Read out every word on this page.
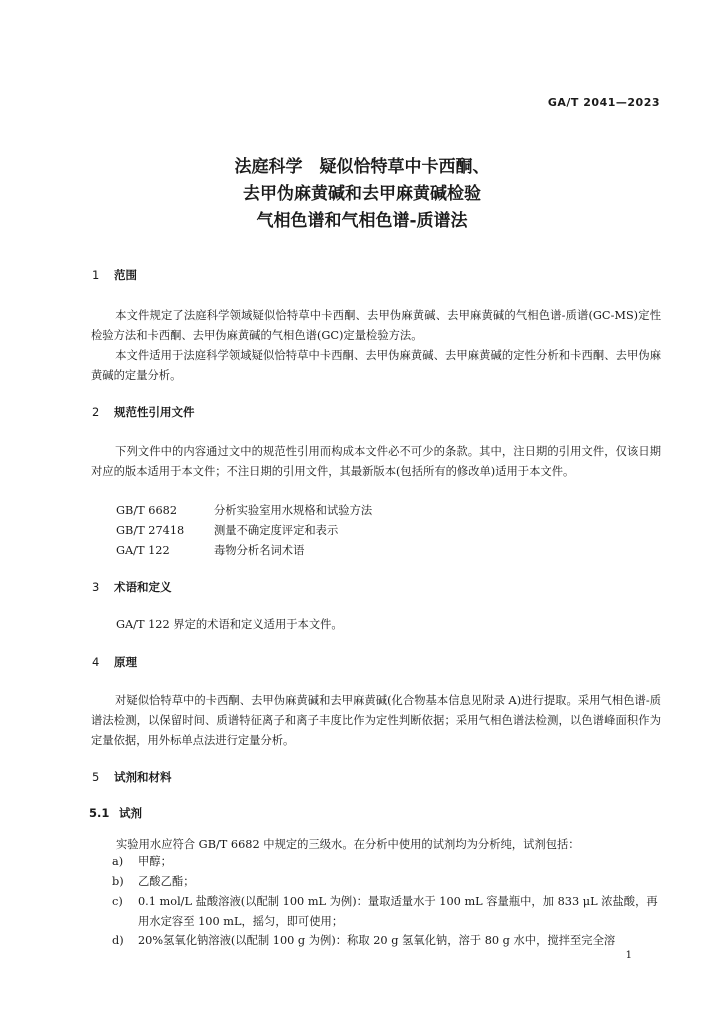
GA/T 2041—2023
法庭科学　疑似恰特草中卡西酮、
去甲伪麻黄碱和去甲麻黄碱检验
气相色谱和气相色谱-质谱法
1 范围
本文件规定了法庭科学领域疑似恰特草中卡西酮、去甲伪麻黄碱、去甲麻黄碱的气相色谱-质谱(GC-MS)定性检验方法和卡西酮、去甲伪麻黄碱的气相色谱(GC)定量检验方法。
本文件适用于法庭科学领域疑似恰特草中卡西酮、去甲伪麻黄碱、去甲麻黄碱的定性分析和卡西酮、去甲伪麻黄碱的定量分析。
2 规范性引用文件
下列文件中的内容通过文中的规范性引用而构成本文件必不可少的条款。其中，注日期的引用文件，仅该日期对应的版本适用于本文件；不注日期的引用文件，其最新版本(包括所有的修改单)适用于本文件。
GB/T 6682	分析实验室用水规格和试验方法
GB/T 27418	测量不确定度评定和表示
GA/T 122	毒物分析名词术语
3 术语和定义
GA/T 122 界定的术语和定义适用于本文件。
4 原理
对疑似恰特草中的卡西酮、去甲伪麻黄碱和去甲麻黄碱(化合物基本信息见附录 A)进行提取。采用气相色谱-质谱法检测，以保留时间、质谱特征离子和离子丰度比作为定性判断依据；采用气相色谱法检测，以色谱峰面积作为定量依据，用外标单点法进行定量分析。
5 试剂和材料
5.1 试剂
实验用水应符合 GB/T 6682 中规定的三级水。在分析中使用的试剂均为分析纯，试剂包括：
a)	甲醇；
b)	乙酸乙酯；
c)	0.1 mol/L 盐酸溶液(以配制 100 mL 为例)：量取适量水于 100 mL 容量瓶中，加 833 μL 浓盐酸，再用水定容至 100 mL，摇匀，即可使用；
d)	20%氢氧化钠溶液(以配制 100 g 为例)：称取 20 g 氢氧化钠，溶于 80 g 水中，搅拌至完全溶
1
